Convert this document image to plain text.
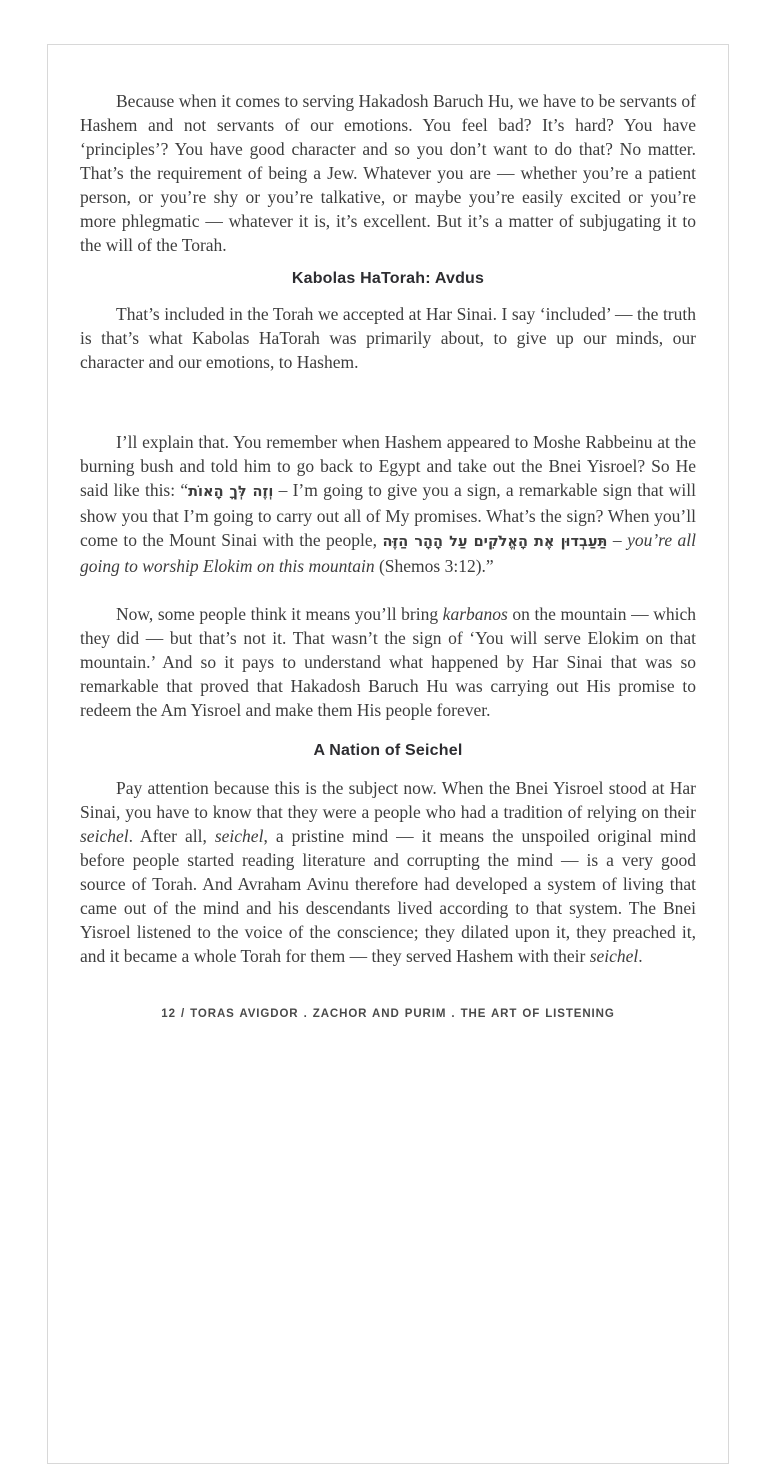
Because when it comes to serving Hakadosh Baruch Hu, we have to be servants of Hashem and not servants of our emotions. You feel bad? It’s hard? You have ‘principles’? You have good character and so you don’t want to do that? No matter. That’s the requirement of being a Jew. Whatever you are — whether you’re a patient person, or you’re shy or you’re talkative, or maybe you’re easily excited or you’re more phlegmatic — whatever it is, it’s excellent. But it’s a matter of subjugating it to the will of the Torah.

Kabolas HaTorah: Avdus

That’s included in the Torah we accepted at Har Sinai. I say ‘included’ — the truth is that’s what Kabolas HaTorah was primarily about, to give up our minds, our character and our emotions, to Hashem.

I’ll explain that. You remember when Hashem appeared to Moshe Rabbeinu at the burning bush and told him to go back to Egypt and take out the Bnei Yisroel? So He said like this: “וְזֶה לְּךָ הָאוֹת – I’m going to give you a sign, a remarkable sign that will show you that I’m going to carry out all of My promises. What’s the sign? When you’ll come to the Mount Sinai with the people, תַּעַבְדוּן אֶת הָאֱלֹקִים עַל הָהָר הַזֶּה – you’re all going to worship Elokim on this mountain (Shemos 3:12).”

Now, some people think it means you’ll bring karbanos on the mountain — which they did — but that’s not it. That wasn’t the sign of ‘You will serve Elokim on that mountain.’ And so it pays to understand what happened by Har Sinai that was so remarkable that proved that Hakadosh Baruch Hu was carrying out His promise to redeem the Am Yisroel and make them His people forever.

A Nation of Seichel

Pay attention because this is the subject now. When the Bnei Yisroel stood at Har Sinai, you have to know that they were a people who had a tradition of relying on their seichel. After all, seichel, a pristine mind — it means the unspoiled original mind before people started reading literature and corrupting the mind — is a very good source of Torah. And Avraham Avinu therefore had developed a system of living that came out of the mind and his descendants lived according to that system. The Bnei Yisroel listened to the voice of the conscience; they dilated upon it, they preached it, and it became a whole Torah for them — they served Hashem with their seichel.

12 / TORAS AVIGDOR . ZACHOR AND PURIM . THE ART OF LISTENING
